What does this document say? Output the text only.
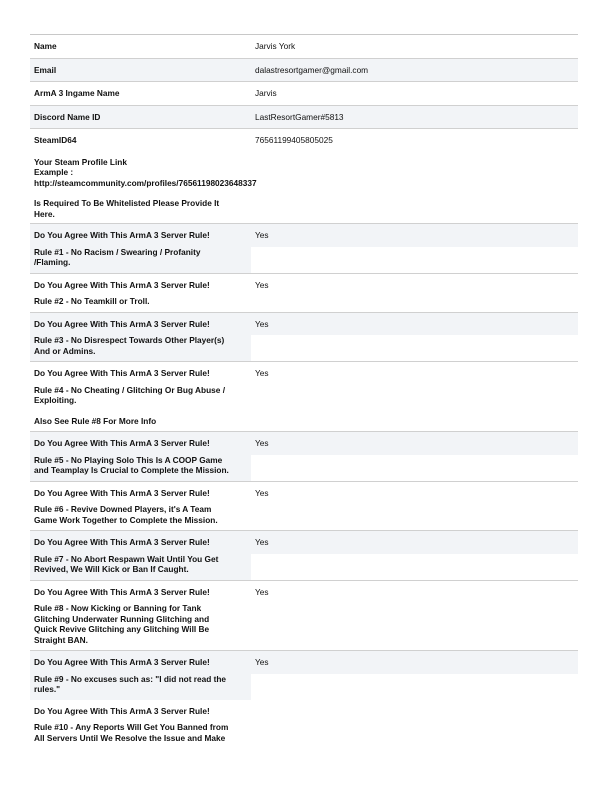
Name	Jarvis York
Email	dalastresortgamer@gmail.com
ArmA 3 Ingame Name	Jarvis
Discord Name ID	LastResortGamer#5813
SteamID64	76561199405805025

Your Steam Profile Link
Example :
http://steamcommunity.com/profiles/76561198023648337
Is Required To Be Whitelisted Please Provide It
Here.	

Do You Agree With This ArmA 3 Server Rule!	Yes

Rule #1 - No Racism / Swearing / Profanity
/Flaming.	

Do You Agree With This ArmA 3 Server Rule!	Yes

Rule #2 - No Teamkill or Troll.	

Do You Agree With This ArmA 3 Server Rule!	Yes

Rule #3 - No Disrespect Towards Other Player(s)
And or Admins.	

Do You Agree With This ArmA 3 Server Rule!	Yes

Rule #4 - No Cheating / Glitching Or Bug Abuse /
Exploiting.
Also See Rule #8 For More Info	

Do You Agree With This ArmA 3 Server Rule!	Yes

Rule #5 - No Playing Solo This Is A COOP Game
and Teamplay Is Crucial to Complete the Mission.	

Do You Agree With This ArmA 3 Server Rule!	Yes

Rule #6 - Revive Downed Players, it's A Team
Game Work Together to Complete the Mission.	

Do You Agree With This ArmA 3 Server Rule!	Yes

Rule #7 - No Abort Respawn Wait Until You Get
Revived, We Will Kick or Ban If Caught.	

Do You Agree With This ArmA 3 Server Rule!	Yes

Rule #8 - Now Kicking or Banning for Tank
Glitching Underwater Running Glitching and
Quick Revive Glitching any Glitching Will Be
Straight BAN.	

Do You Agree With This ArmA 3 Server Rule!	Yes

Rule #9 - No excuses such as: "I did not read the
rules."	

Do You Agree With This ArmA 3 Server Rule!	

Rule #10 - Any Reports Will Get You Banned from
All Servers Until We Resolve the Issue and Make	
